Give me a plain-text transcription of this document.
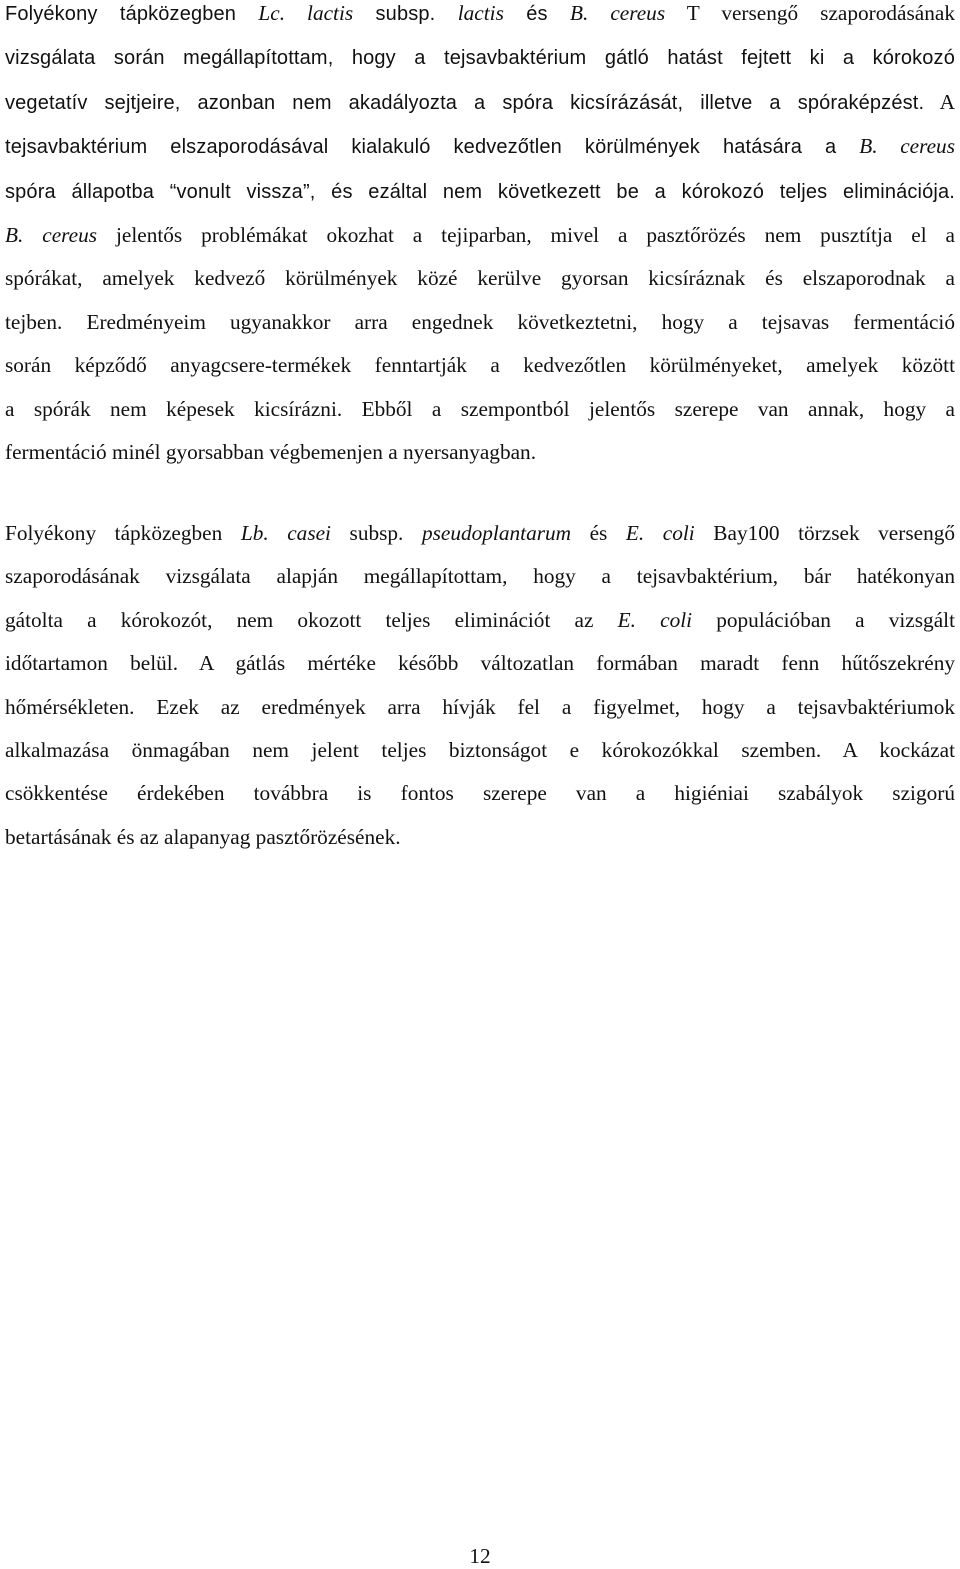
Folyékony tápközegben Lc. lactis subsp. lactis és B. cereus T versengő szaporodásának
vizsgálata során megállapítottam, hogy a tejsavbaktérium gátló hatást fejtett ki a kórokozó
vegetatív sejtjeire, azonban nem akadályozta a spóra kicsírázását, illetve a spóraképzést. A
tejsavbaktérium elszaporodásával kialakuló kedvezőtlen körülmények hatására a B. cereus
spóra állapotba “vonult vissza”, és ezáltal nem következett be a kórokozó teljes eliminációja.
B. cereus jelentős problémákat okozhat a tejiparban, mivel a pasztőrözés nem pusztítja el a
spórákat, amelyek kedvező körülmények közé kerülve gyorsan kicsíráznak és elszaporodnak a
tejben. Eredményeim ugyanakkor arra engednek következtetni, hogy a tejsavas fermentáció
során képződő anyagcsere-termékek fenntartják a kedvezőtlen körülményeket, amelyek között
a spórák nem képesek kicsírázni. Ebből a szempontból jelentős szerepe van annak, hogy a
fermentáció minél gyorsabban végbemenjen a nyersanyagban.

Folyékony tápközegben Lb. casei subsp. pseudoplantarum és E. coli Bay100 törzsek versengő
szaporodásának vizsgálata alapján megállapítottam, hogy a tejsavbaktérium, bár hatékonyan
gátolta a kórokozót, nem okozott teljes eliminációt az E. coli populációban a vizsgált
időtartamon belül. A gátlás mértéke később változatlan formában maradt fenn hűtőszekrény
hőmérsékleten. Ezek az eredmények arra hívják fel a figyelmet, hogy a tejsavbaktériumok
alkalmazása önmagában nem jelent teljes biztonságot e kórokozókkal szemben. A kockázat
csökkentése érdekében továbbra is fontos szerepe van a higiéniai szabályok szigorú
betartásának és az alapanyag pasztőrözésének.

12
